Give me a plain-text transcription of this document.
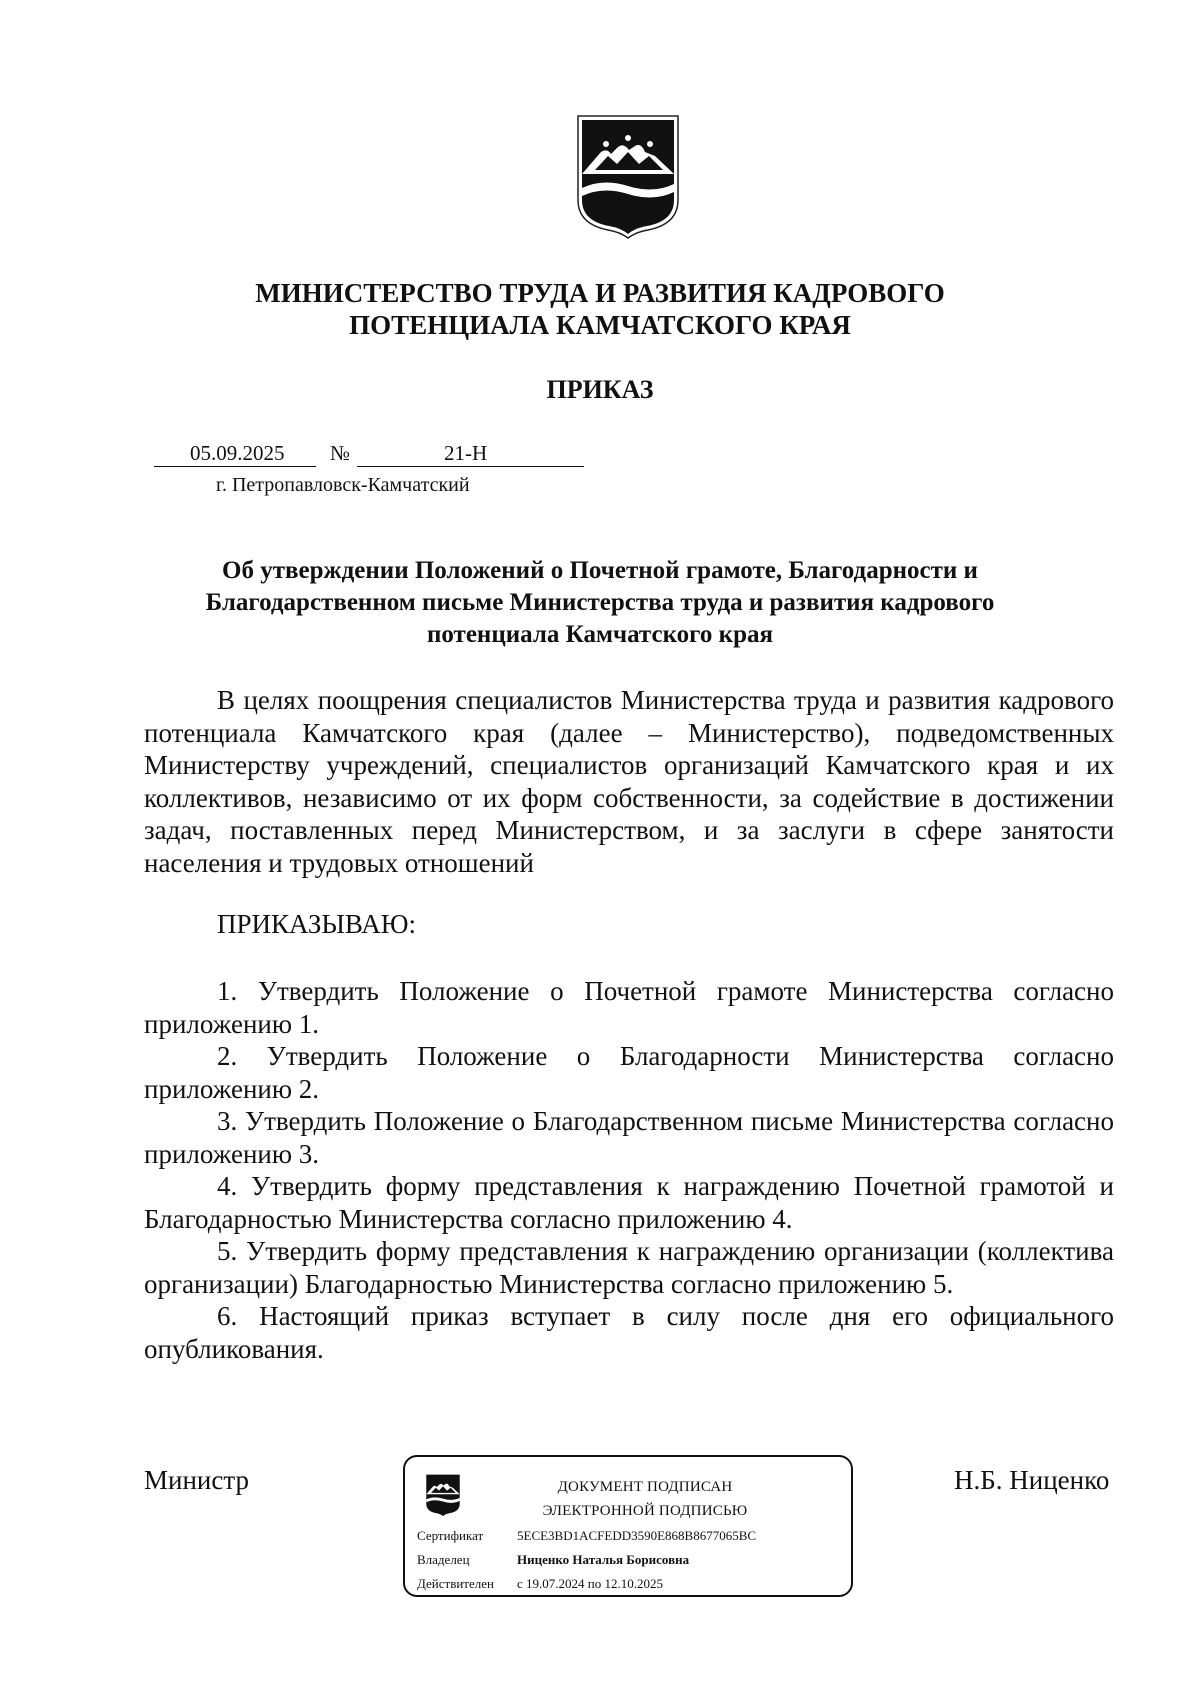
МИНИСТЕРСТВО ТРУДА И РАЗВИТИЯ КАДРОВОГО
ПОТЕНЦИАЛА КАМЧАТСКОГО КРАЯ
ПРИКАЗ
05.09.2025 №	21-Н
г. Петропавловск-Камчатский
Об утверждении Положений о Почетной грамоте, Благодарности и
Благодарственном письме Министерства труда и развития кадрового
потенциала Камчатского края

В целях поощрения специалистов Министерства труда и развития кадрового потенциала Камчатского края (далее – Министерство), подведомственных Министерству учреждений, специалистов организаций Камчатского края и их коллективов, независимо от их форм собственности, за содействие в достижении задач, поставленных перед Министерством, и за заслуги в сфере занятости населения и трудовых отношений

ПРИКАЗЫВАЮ:

1. Утвердить Положение о Почетной грамоте Министерства согласно приложению 1.

2. Утвердить Положение о Благодарности Министерства согласно приложению 2.

3. Утвердить Положение о Благодарственном письме Министерства согласно приложению 3.

4. Утвердить форму представления к награждению Почетной грамотой и Благодарностью Министерства согласно приложению 4.

5. Утвердить форму представления к награждению организации (коллектива организации) Благодарностью Министерства согласно приложению 5.

6. Настоящий приказ вступает в силу после дня его официального опубликования.

Министр	Н.Б. Ниценко
ДОКУМЕНТ ПОДПИСАН
ЭЛЕКТРОННОЙ ПОДПИСЬЮ
Сертификат	5ECE3BD1ACFEDD3590E868B8677065BC
Владелец	Ниценко Наталья Борисовна
Действителен с 19.07.2024 по 12.10.2025
